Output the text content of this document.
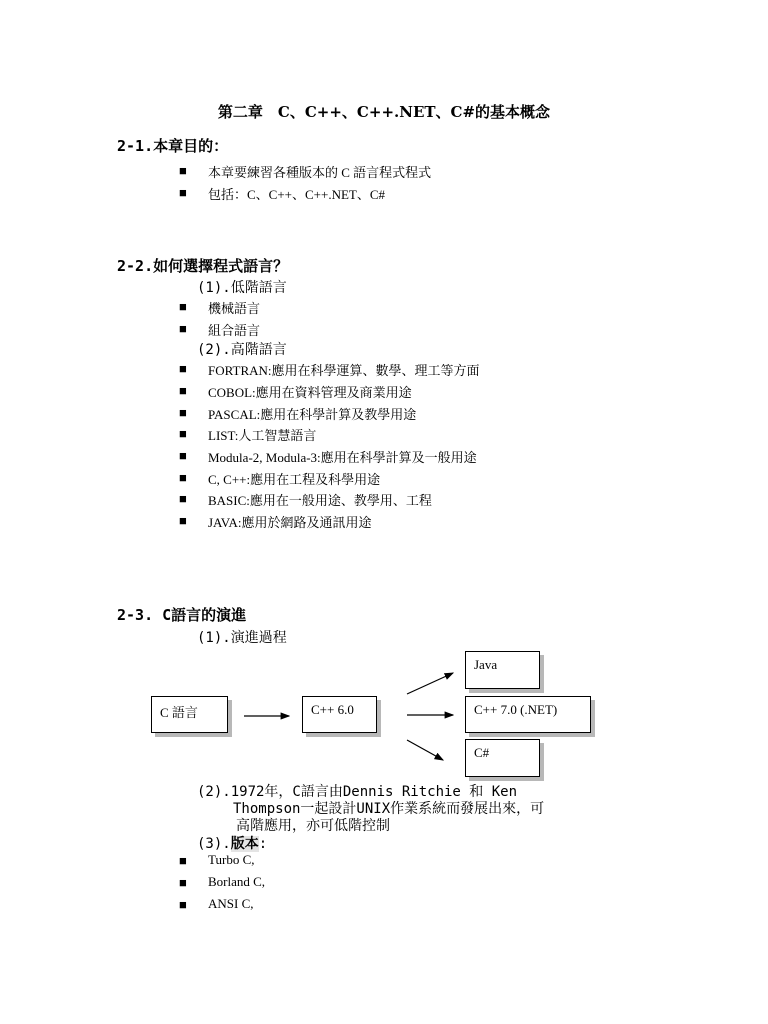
第二章　C、C++、C++.NET、C#的基本概念
2-1.本章目的：
■ 本章要練習各種版本的 C 語言程式程式
■ 包括：C、C++、C++.NET、C#
2-2.如何選擇程式語言？
(1).低階語言
■ 機械語言
■ 組合語言
(2).高階語言
■ FORTRAN:應用在科學運算、數學、理工等方面
■ COBOL:應用在資料管理及商業用途
■ PASCAL:應用在科學計算及教學用途
■ LIST:人工智慧語言
■ Modula-2, Modula-3:應用在科學計算及一般用途
■ C, C++:應用在工程及科學用途
■ BASIC:應用在一般用途、教學用、工程
■ JAVA:應用於網路及通訊用途
2-3. C語言的演進
(1).演進過程
C 語言	C++ 6.0
Java
C++ 7.0 (.NET)
C#
(2).1972年，C語言由Dennis Ritchie 和 Ken
Thompson一起設計UNIX作業系統而發展出來，可
高階應用，亦可低階控制
(3).版本:
■ Turbo C,
■ Borland C,
■ ANSI C,
